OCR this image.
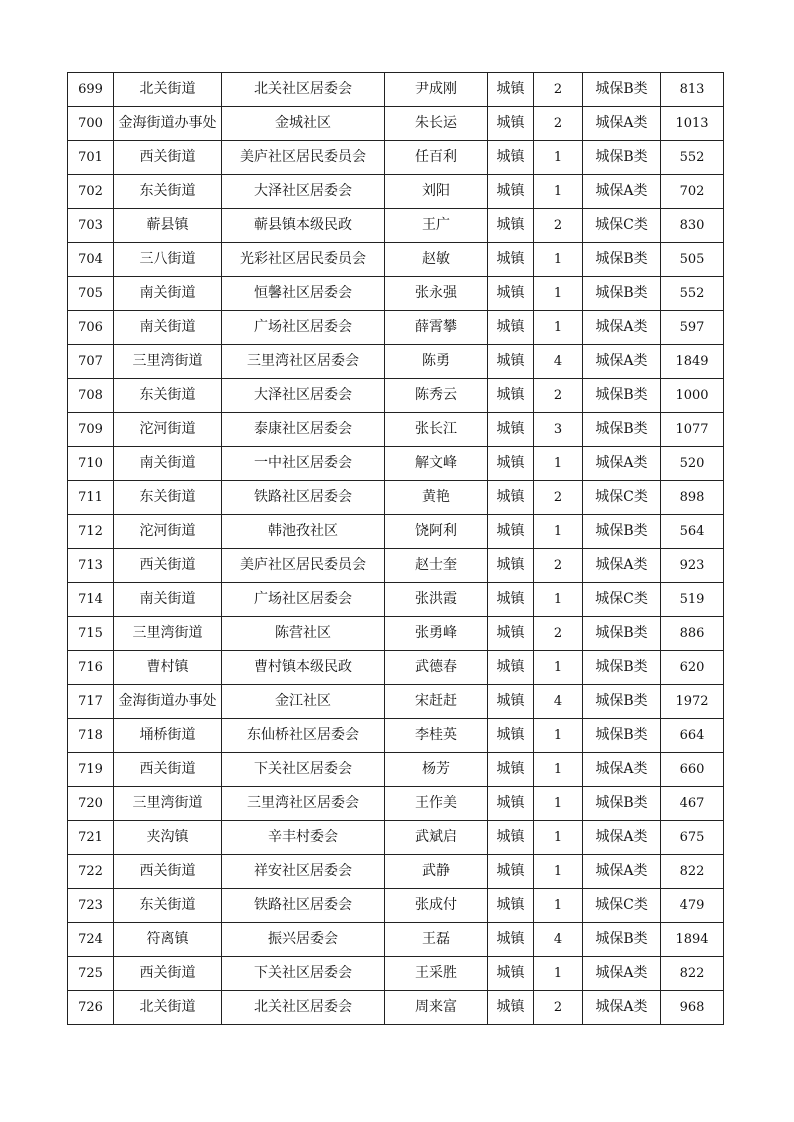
699	北关街道	北关社区居委会	尹成刚	城镇	2	城保B类	813
700	金海街道办事处	金城社区	朱长运	城镇	2	城保A类	1013
701	西关街道	美庐社区居民委员会	任百利	城镇	1	城保B类	552
702	东关街道	大泽社区居委会	刘阳	城镇	1	城保A类	702
703	蕲县镇	蕲县镇本级民政	王广	城镇	2	城保C类	830
704	三八街道	光彩社区居民委员会	赵敏	城镇	1	城保B类	505
705	南关街道	恒馨社区居委会	张永强	城镇	1	城保B类	552
706	南关街道	广场社区居委会	薛霄攀	城镇	1	城保A类	597
707	三里湾街道	三里湾社区居委会	陈勇	城镇	4	城保A类	1849
708	东关街道	大泽社区居委会	陈秀云	城镇	2	城保B类	1000
709	沱河街道	泰康社区居委会	张长江	城镇	3	城保B类	1077
710	南关街道	一中社区居委会	解文峰	城镇	1	城保A类	520
711	东关街道	铁路社区居委会	黄艳	城镇	2	城保C类	898
712	沱河街道	韩池孜社区	饶阿利	城镇	1	城保B类	564
713	西关街道	美庐社区居民委员会	赵士奎	城镇	2	城保A类	923
714	南关街道	广场社区居委会	张洪霞	城镇	1	城保C类	519
715	三里湾街道	陈营社区	张勇峰	城镇	2	城保B类	886
716	曹村镇	曹村镇本级民政	武德春	城镇	1	城保B类	620
717	金海街道办事处	金江社区	宋赶赶	城镇	4	城保B类	1972
718	埇桥街道	东仙桥社区居委会	李桂英	城镇	1	城保B类	664
719	西关街道	下关社区居委会	杨芳	城镇	1	城保A类	660
720	三里湾街道	三里湾社区居委会	王作美	城镇	1	城保B类	467
721	夹沟镇	辛丰村委会	武斌启	城镇	1	城保A类	675
722	西关街道	祥安社区居委会	武静	城镇	1	城保A类	822
723	东关街道	铁路社区居委会	张成付	城镇	1	城保C类	479
724	符离镇	振兴居委会	王磊	城镇	4	城保B类	1894
725	西关街道	下关社区居委会	王采胜	城镇	1	城保A类	822
726	北关街道	北关社区居委会	周来富	城镇	2	城保A类	968
